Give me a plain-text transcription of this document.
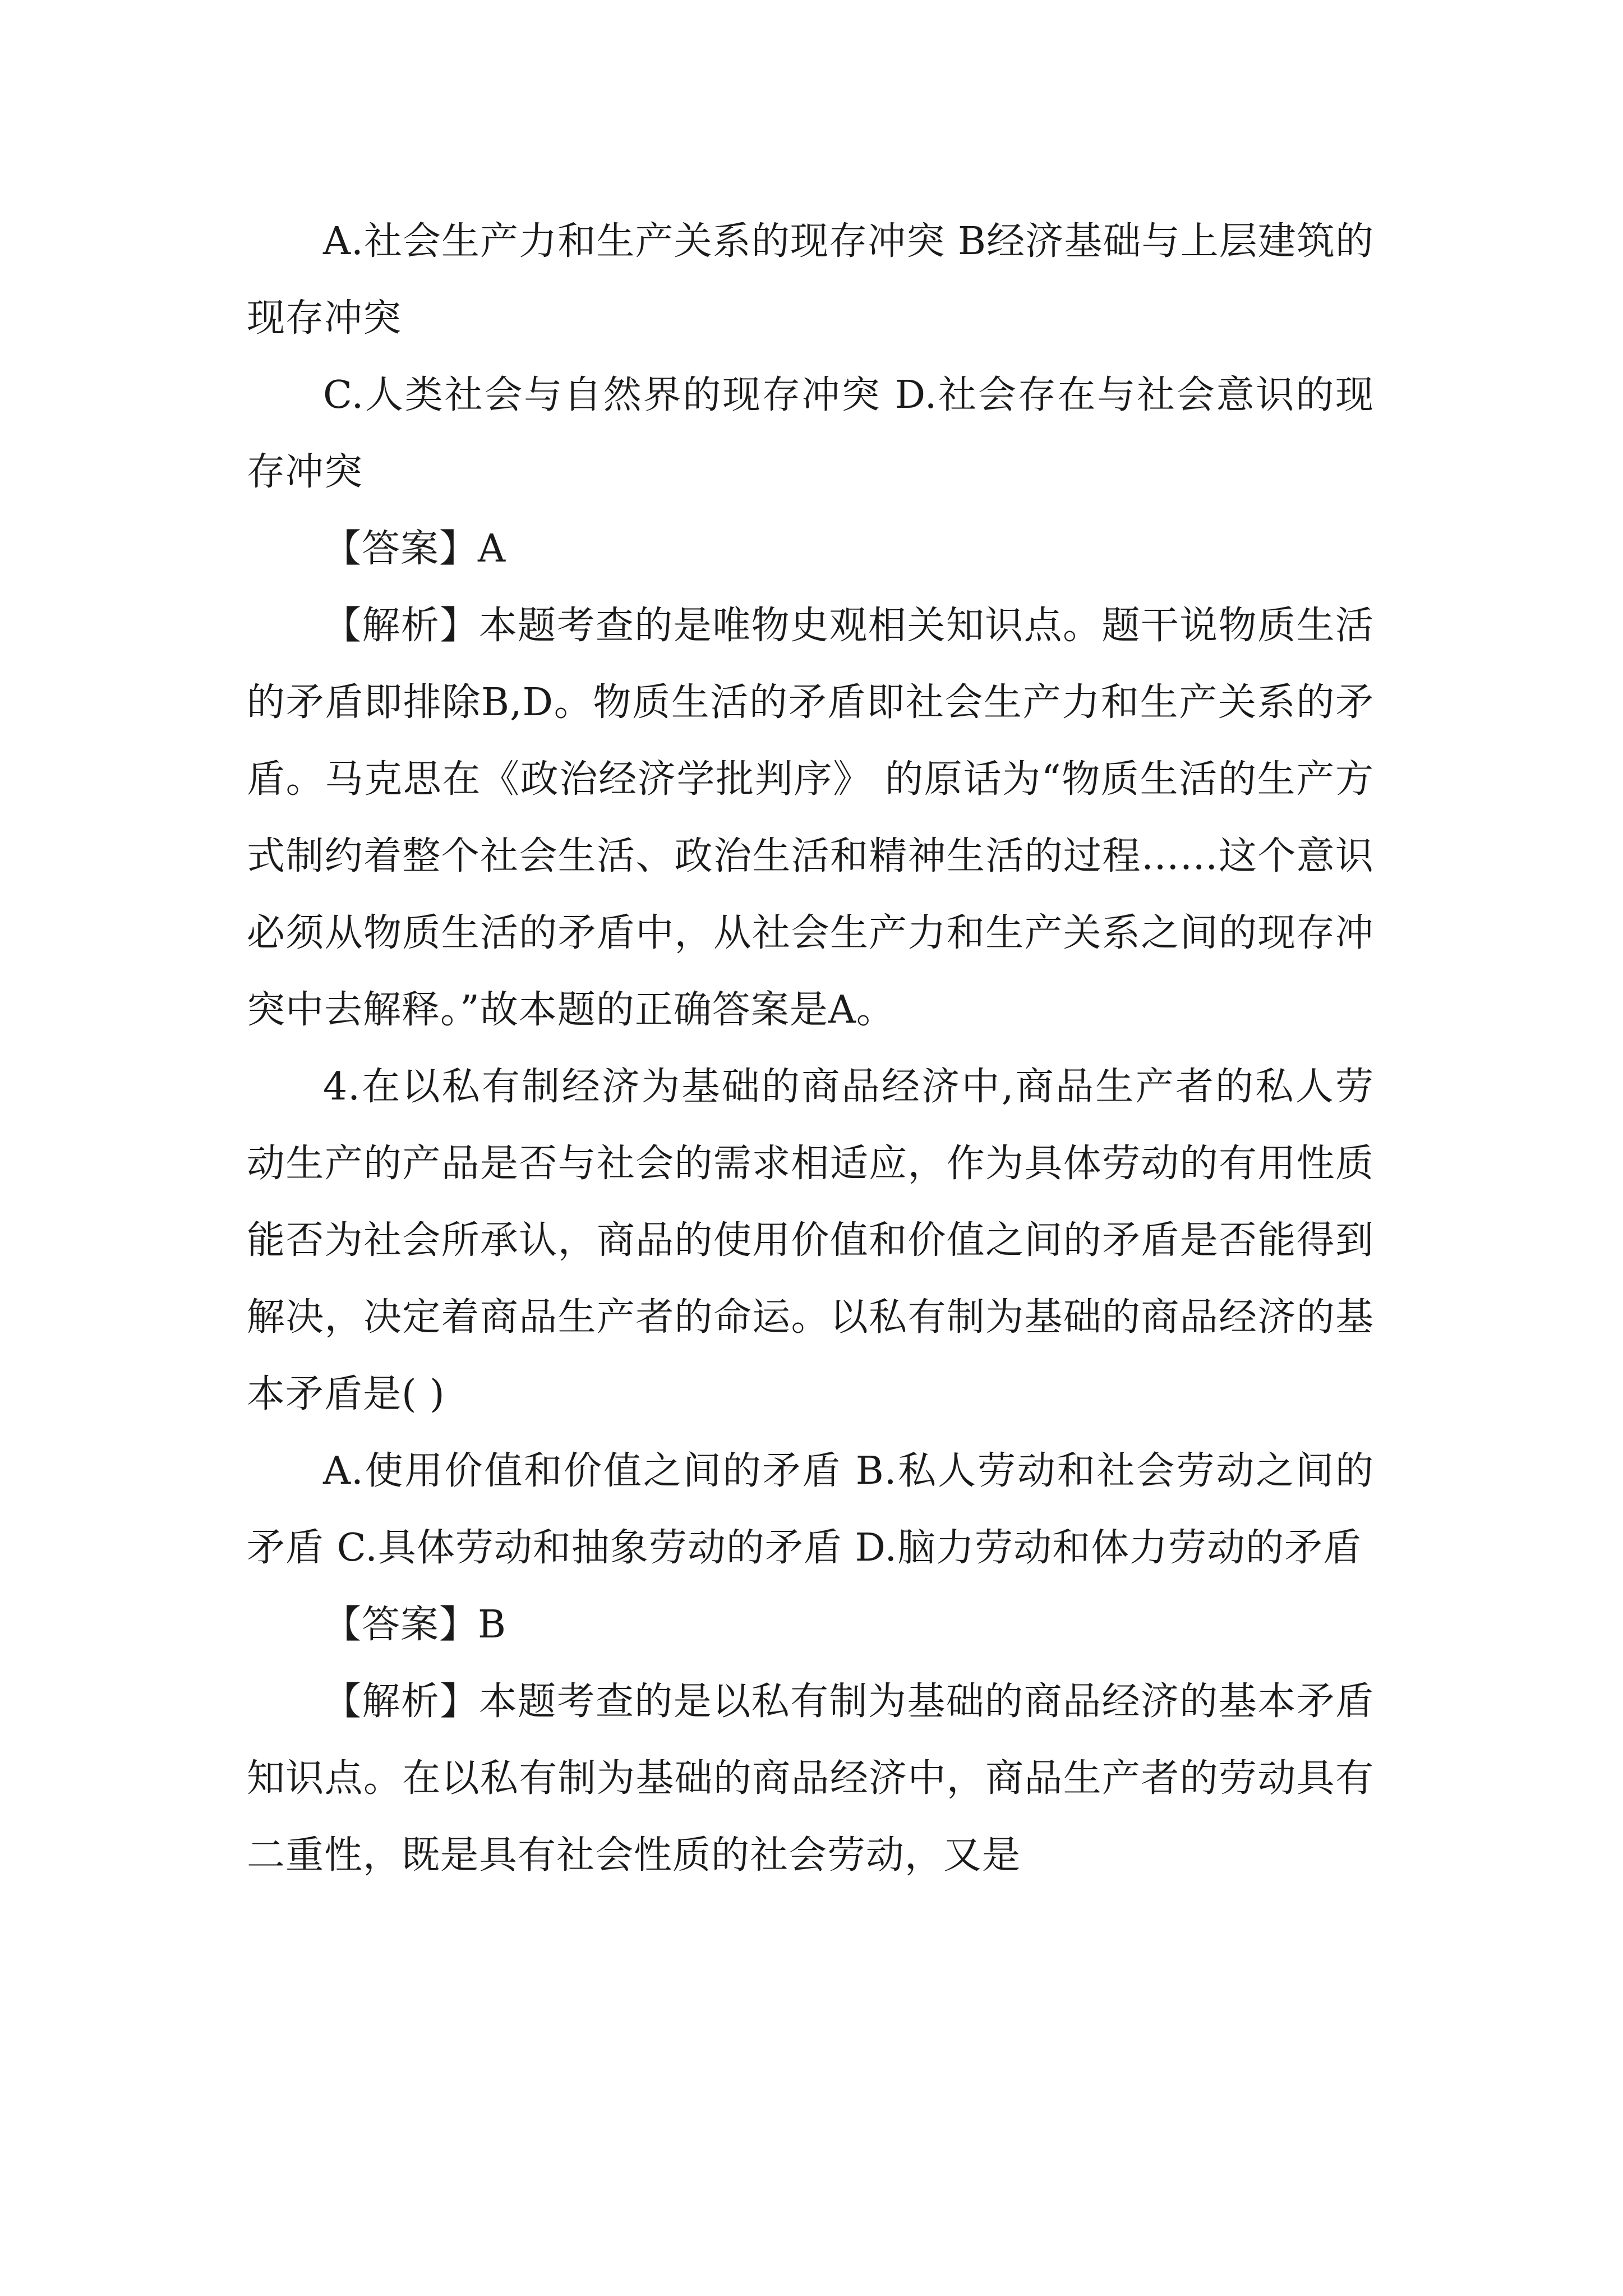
A.社会生产力和生产关系的现存冲突 B经济基础与上层建筑的现存冲突

C.人类社会与自然界的现存冲突 D.社会存在与社会意识的现存冲突

【答案】A

【解析】本题考查的是唯物史观相关知识点。题干说物质生活的矛盾即排除B,D。物质生活的矛盾即社会生产力和生产关系的矛盾。马克思在《政治经济学批判序》 的原话为“物质生活的生产方式制约着整个社会生活、政治生活和精神生活的过程……这个意识必须从物质生活的矛盾中，从社会生产力和生产关系之间的现存冲突中去解释。”故本题的正确答案是A。

4.在以私有制经济为基础的商品经济中,商品生产者的私人劳动生产的产品是否与社会的需求相适应，作为具体劳动的有用性质能否为社会所承认，商品的使用价值和价值之间的矛盾是否能得到解决，决定着商品生产者的命运。以私有制为基础的商品经济的基本矛盾是( )

A.使用价值和价值之间的矛盾 B.私人劳动和社会劳动之间的矛盾 C.具体劳动和抽象劳动的矛盾 D.脑力劳动和体力劳动的矛盾

【答案】B

【解析】本题考查的是以私有制为基础的商品经济的基本矛盾知识点。在以私有制为基础的商品经济中，商品生产者的劳动具有二重性，既是具有社会性质的社会劳动，又是
